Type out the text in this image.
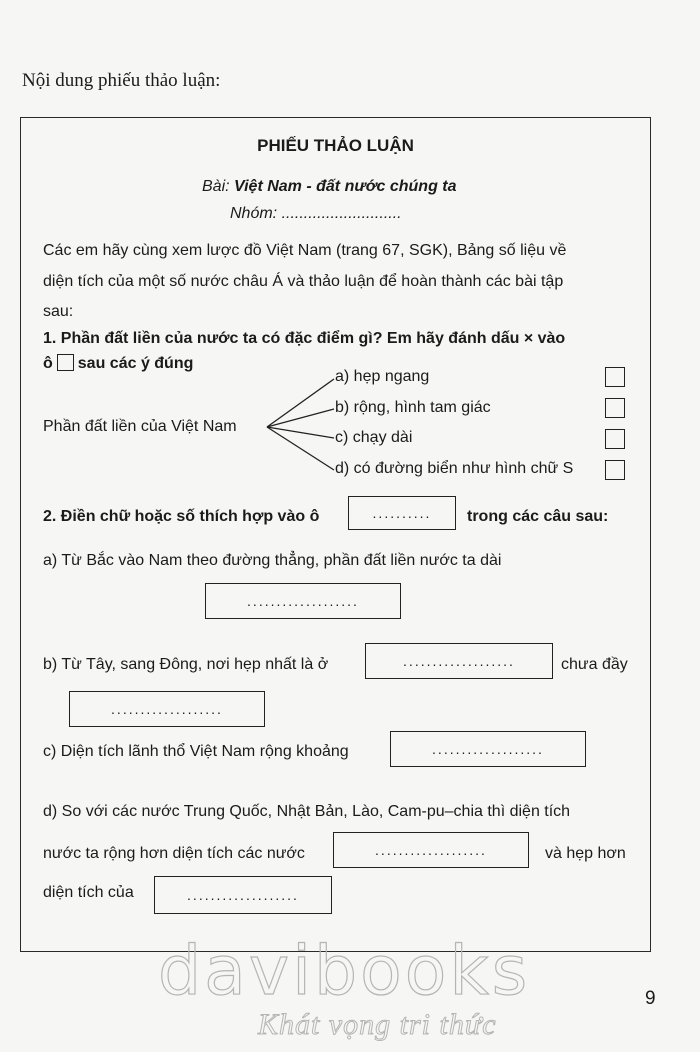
Nội dung phiếu thảo luận:
PHIẾU THẢO LUẬN
Bài: Việt Nam - đất nước chúng ta
Nhóm: ...........................
Các em hãy cùng xem lược đồ Việt Nam (trang 67, SGK), Bảng số liệu về
diện tích của một số nước châu Á và thảo luận để hoàn thành các bài tập
sau:
1. Phần đất liền của nước ta có đặc điểm gì? Em hãy đánh dấu × vào
ô sau các ý đúng
Phần đất liền của Việt Nam
a) hẹp ngang
b) rộng, hình tam giác
c) chạy dài
d) có đường biển như hình chữ S
2. Điền chữ hoặc số thích hợp vào ô	.......... trong các câu sau:
a) Từ Bắc vào Nam theo đường thẳng, phần đất liền nước ta dài
...................
b) Từ Tây, sang Đông, nơi hẹp nhất là ở	...................	chưa đầy
...................
c) Diện tích lãnh thổ Việt Nam rộng khoảng	...................
d) So với các nước Trung Quốc, Nhật Bản, Lào, Cam-pu–chia thì diện tích
nước ta rộng hơn diện tích các nước	...................	và hẹp hơn
diện tích của	...................
davibooks
Khát vọng tri thức
9
